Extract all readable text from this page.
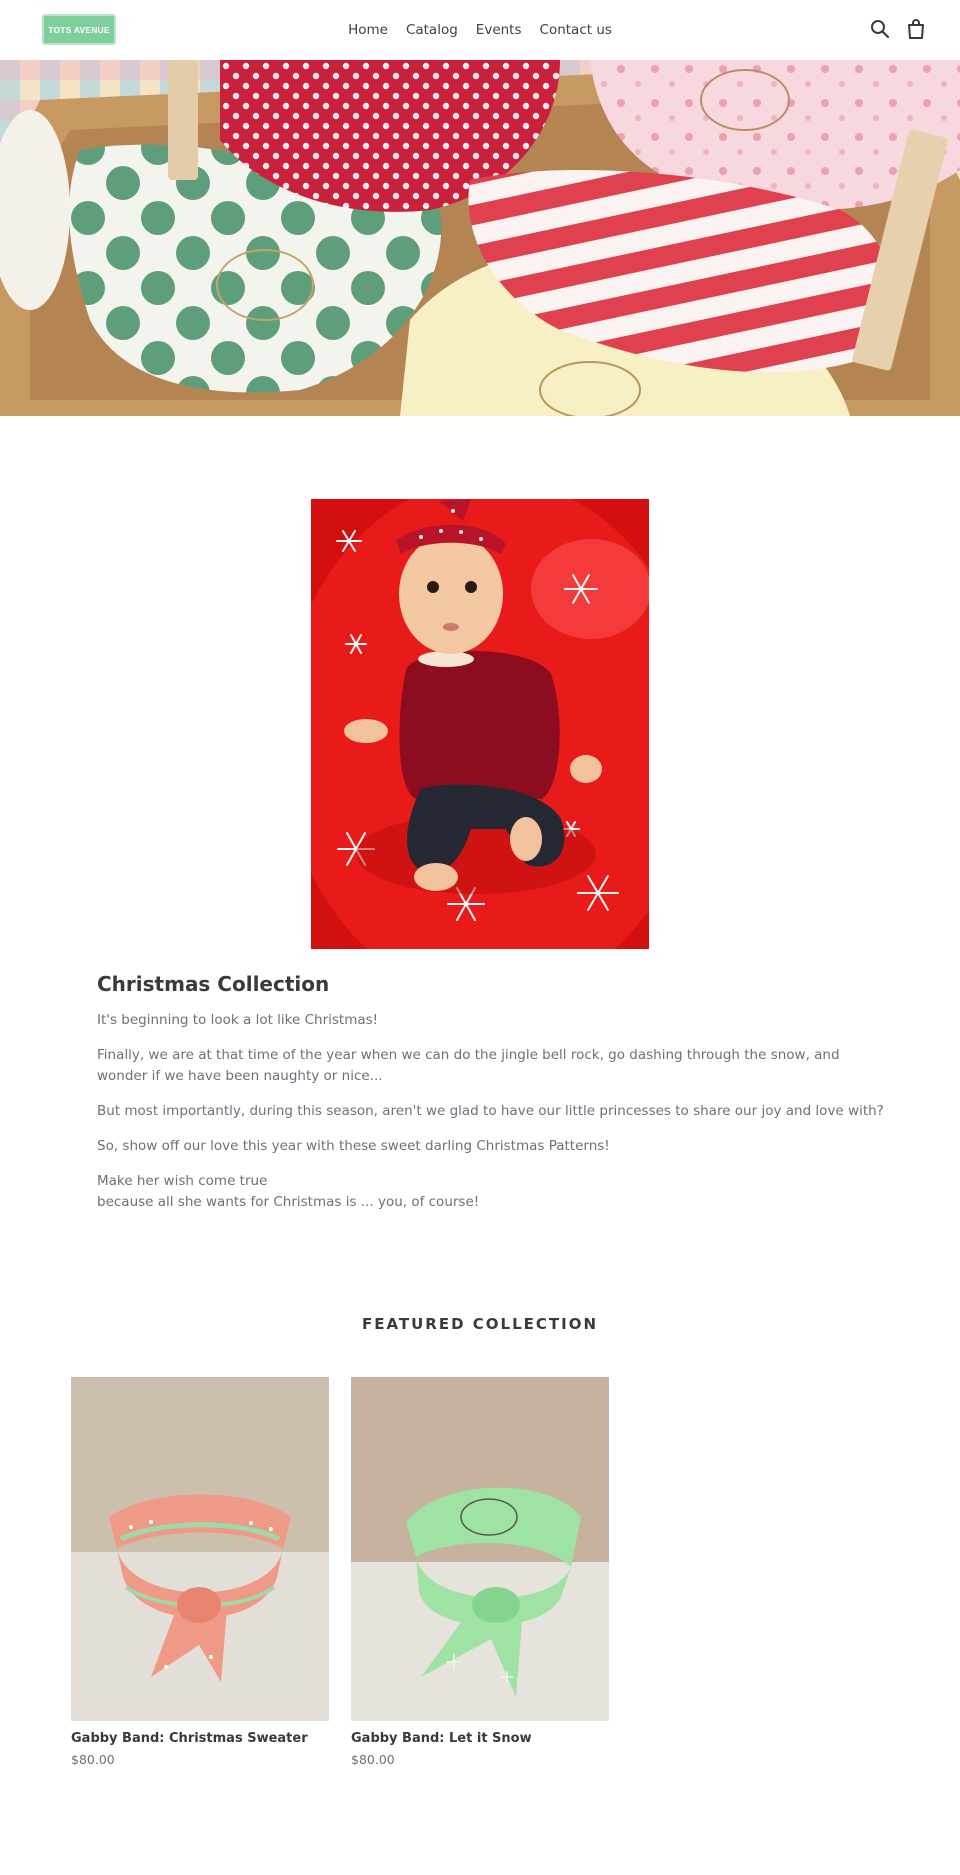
TOTS AVENUE	Home Catalog Events Contact us
Christmas Collection

It's beginning to look a lot like Christmas!

Finally, we are at that time of the year when we can do the jingle bell rock, go dashing through the snow, and wonder if we have been naughty or nice...

But most importantly, during this season, aren't we glad to have our little princesses to share our joy and love with?

So, show off our love this year with these sweet darling Christmas Patterns!

Make her wish come true
because all she wants for Christmas is ... you, of course!

FEATURED COLLECTION
Gabby Band: Christmas Sweater
$80.00
Gabby Band: Let it Snow
$80.00
